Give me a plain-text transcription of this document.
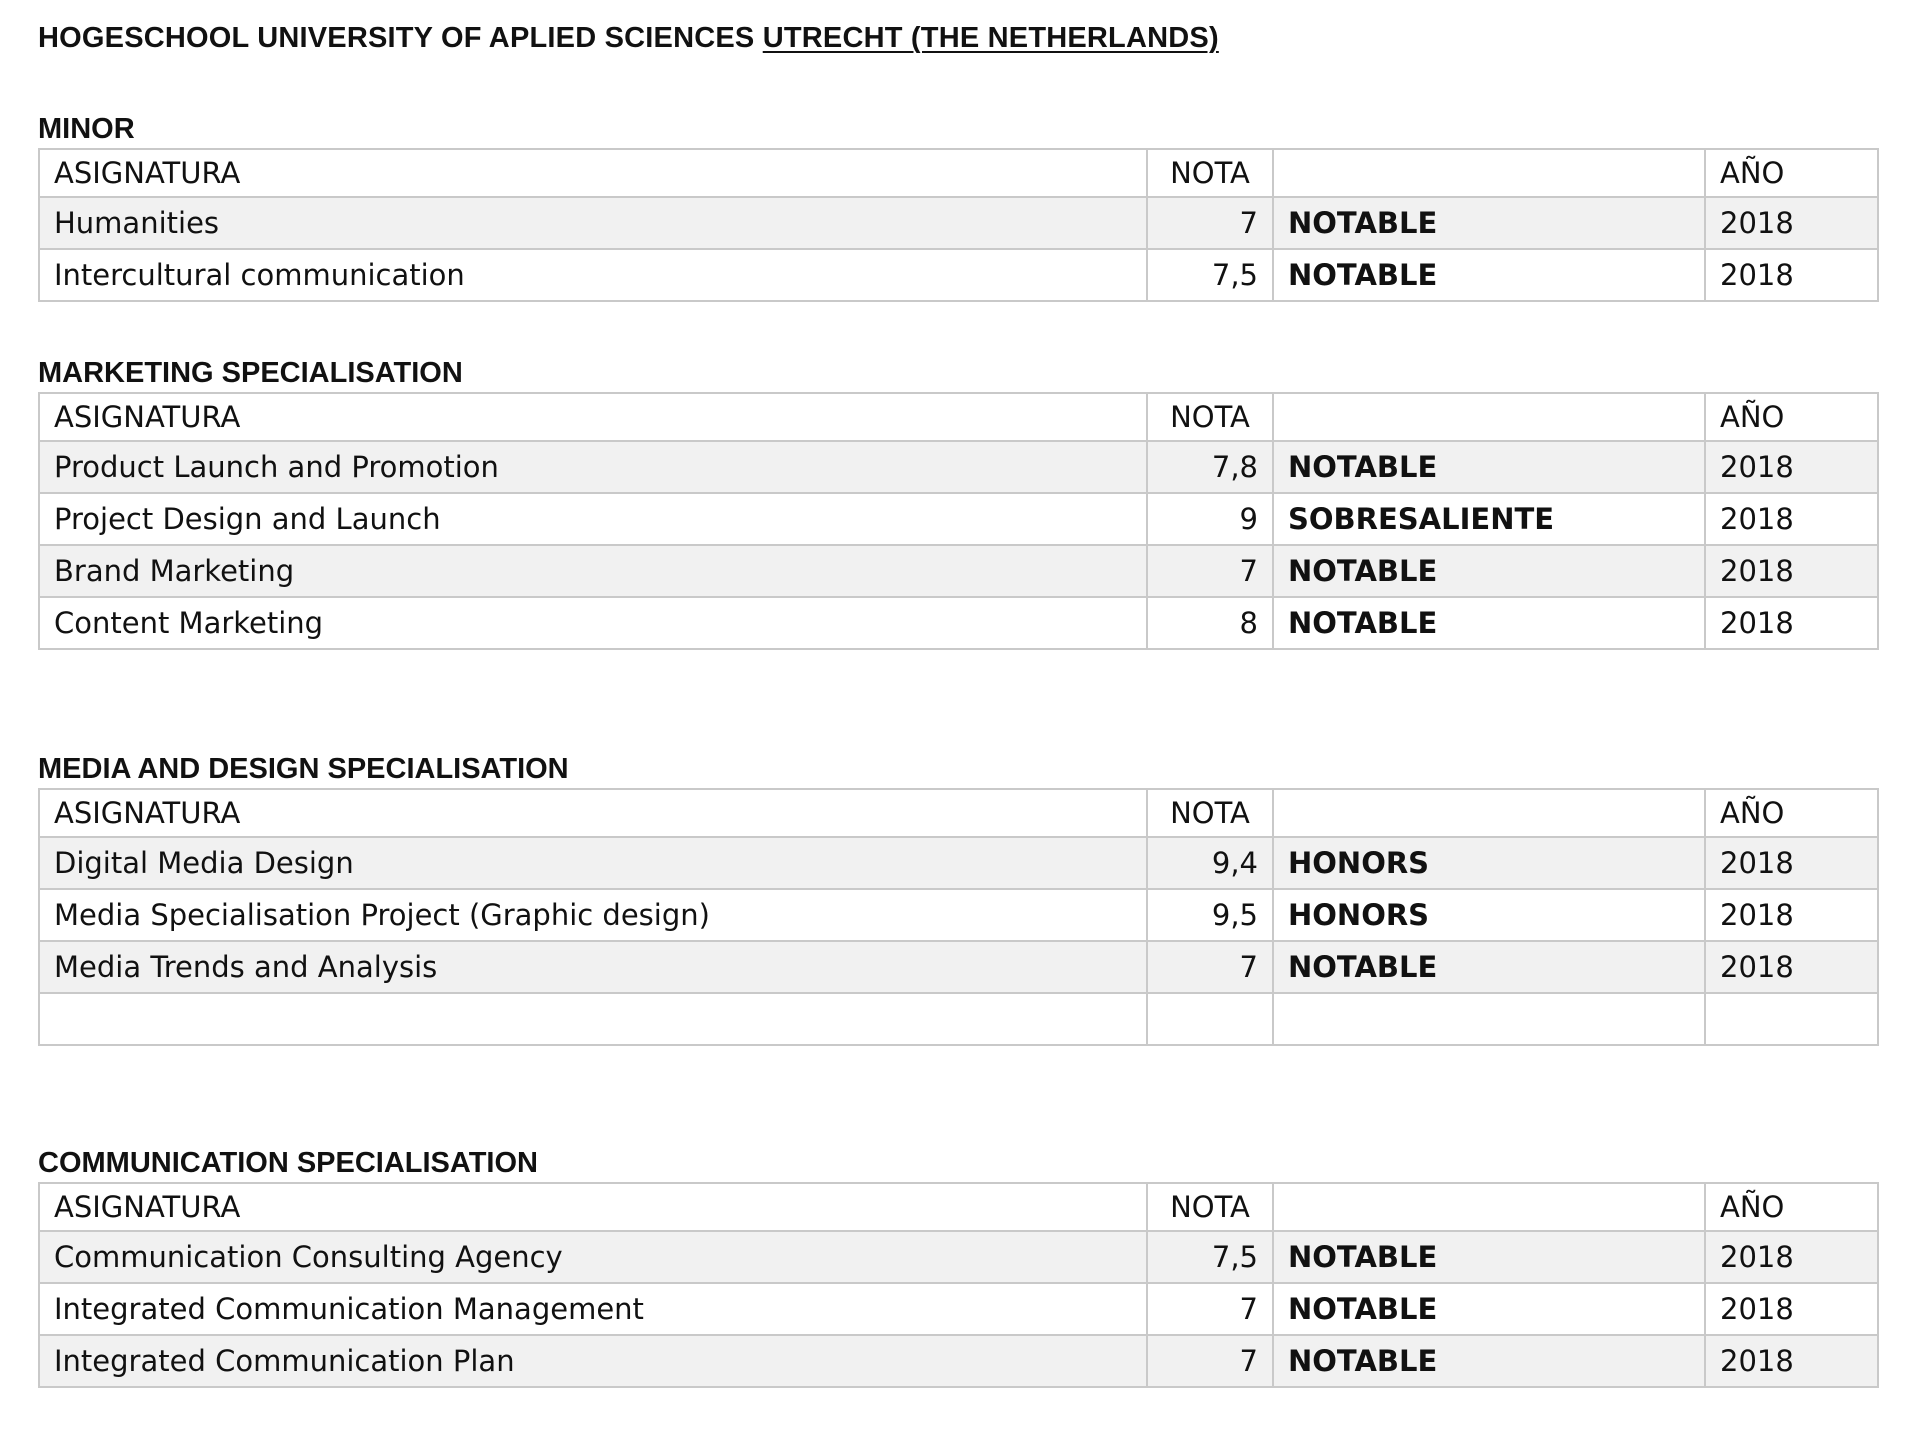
HOGESCHOOL UNIVERSITY OF APLIED SCIENCES UTRECHT (THE NETHERLANDS)
MINOR
ASIGNATURA	NOTA		AÑO
Humanities	7	NOTABLE	2018
Intercultural communication	7,5	NOTABLE	2018
MARKETING SPECIALISATION
ASIGNATURA	NOTA		AÑO
Product Launch and Promotion	7,8	NOTABLE	2018
Project Design and Launch	9	SOBRESALIENTE	2018
Brand Marketing	7	NOTABLE	2018
Content Marketing	8	NOTABLE	2018
MEDIA AND DESIGN SPECIALISATION
ASIGNATURA	NOTA		AÑO
Digital Media Design	9,4	HONORS	2018
Media Specialisation Project (Graphic design)	9,5	HONORS	2018
Media Trends and Analysis	7	NOTABLE	2018

COMMUNICATION SPECIALISATION
ASIGNATURA	NOTA		AÑO
Communication Consulting Agency	7,5	NOTABLE	2018
Integrated Communication Management	7	NOTABLE	2018
Integrated Communication Plan	7	NOTABLE	2018
